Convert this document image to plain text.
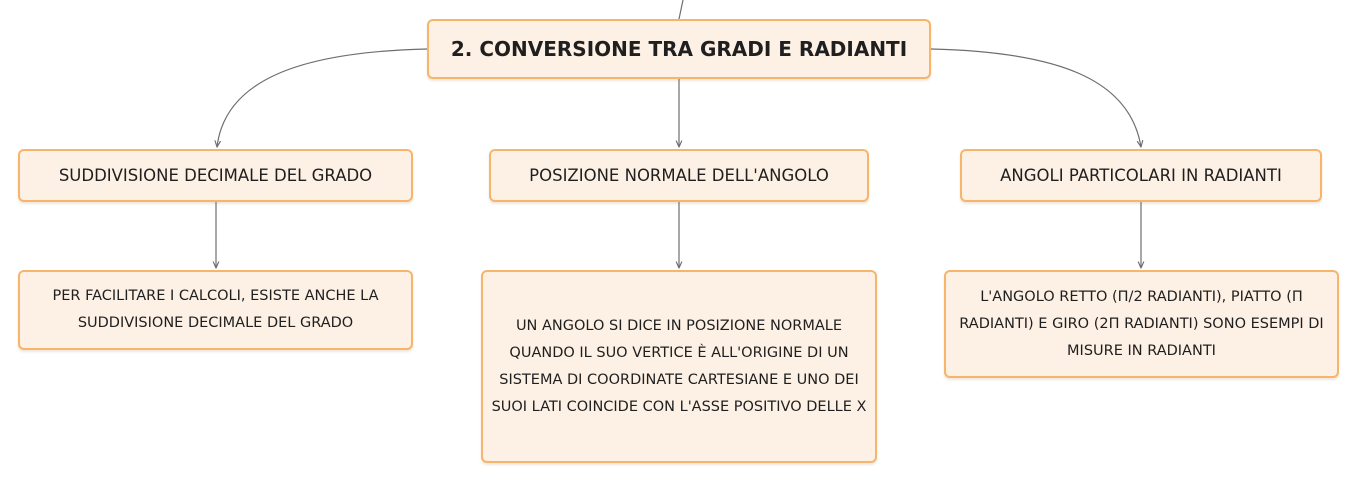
2. CONVERSIONE TRA GRADI E RADIANTI
SUDDIVISIONE DECIMALE DEL GRADO	POSIZIONE NORMALE DELL'ANGOLO	ANGOLI PARTICOLARI IN RADIANTI
PER FACILITARE I CALCOLI, ESISTE ANCHE LA SUDDIVISIONE DECIMALE DEL GRADO	UN ANGOLO SI DICE IN POSIZIONE NORMALE QUANDO IL SUO VERTICE È ALL'ORIGINE DI UN SISTEMA DI COORDINATE CARTESIANE E UNO DEI SUOI LATI COINCIDE CON L'ASSE POSITIVO DELLE X
L'ANGOLO RETTO (Π/2 RADIANTI), PIATTO (Π RADIANTI) E GIRO (2Π RADIANTI) SONO ESEMPI DI MISURE IN RADIANTI
